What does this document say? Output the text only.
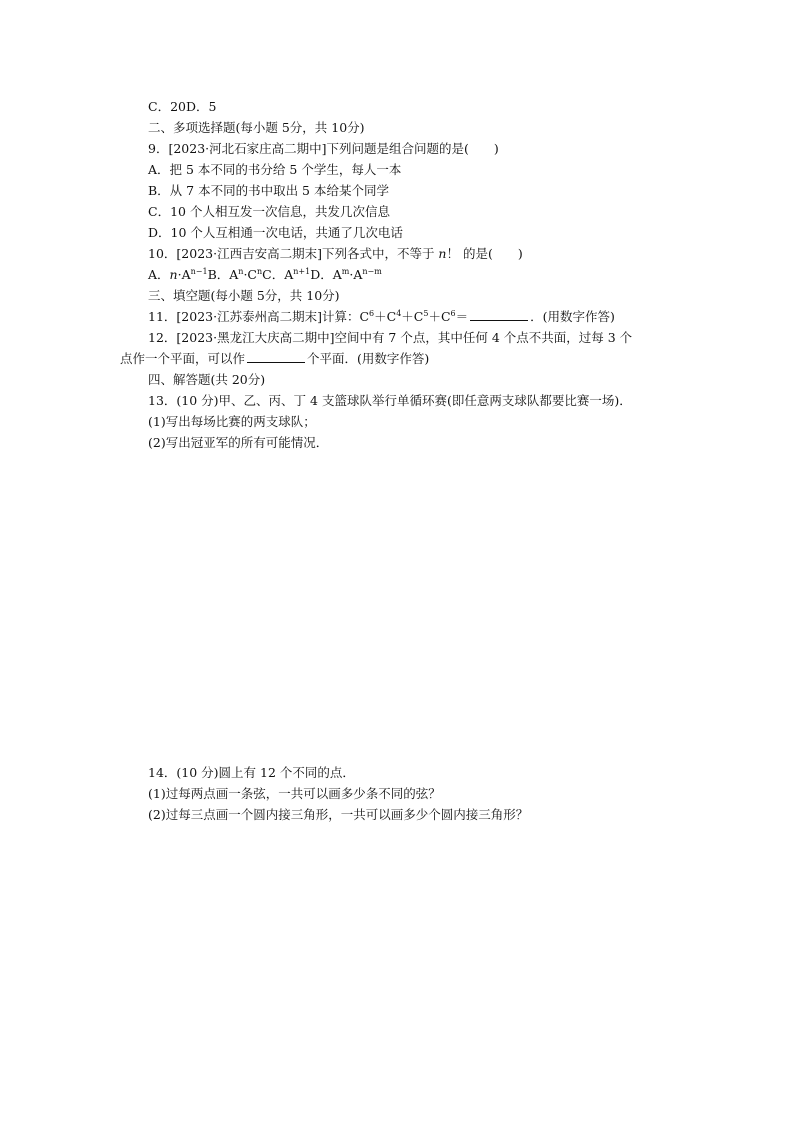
C．20D．5
二、多项选择题(每小题 5分，共 10分)
9．[2023·河北石家庄高二期中]下列问题是组合问题的是(　　)
A．把 5 本不同的书分给 5 个学生，每人一本
B．从 7 本不同的书中取出 5 本给某个同学
C．10 个人相互发一次信息，共发几次信息
D．10 个人互相通一次电话，共通了几次电话
10．[2023·江西吉安高二期末]下列各式中，不等于 n！ 的是(　　)
A．$n\cdot A^{n-1}B$．$A^n\cdot C^nC$．$A^{n+1}D$．$A^m\cdot A^{n-m}$
三、填空题(每小题 5分，共 10分)
11．[2023·江苏泰州高二期末]计算：$C^6+C^4+C^5+C^6=$	．(用数字作答)
12．[2023·黑龙江大庆高二期中]空间中有 7 个点，其中任何 4 个点不共面，过每 3 个
点作一个平面，可以作	个平面．(用数字作答)
四、解答题(共 20分)
13．(10 分)甲、乙、丙、丁 4 支篮球队举行单循环赛(即任意两支球队都要比赛一场)．
(1)写出每场比赛的两支球队；
(2)写出冠亚军的所有可能情况．
14．(10 分)圆上有 12 个不同的点．
(1)过每两点画一条弦，一共可以画多少条不同的弦？
(2)过每三点画一个圆内接三角形，一共可以画多少个圆内接三角形？
